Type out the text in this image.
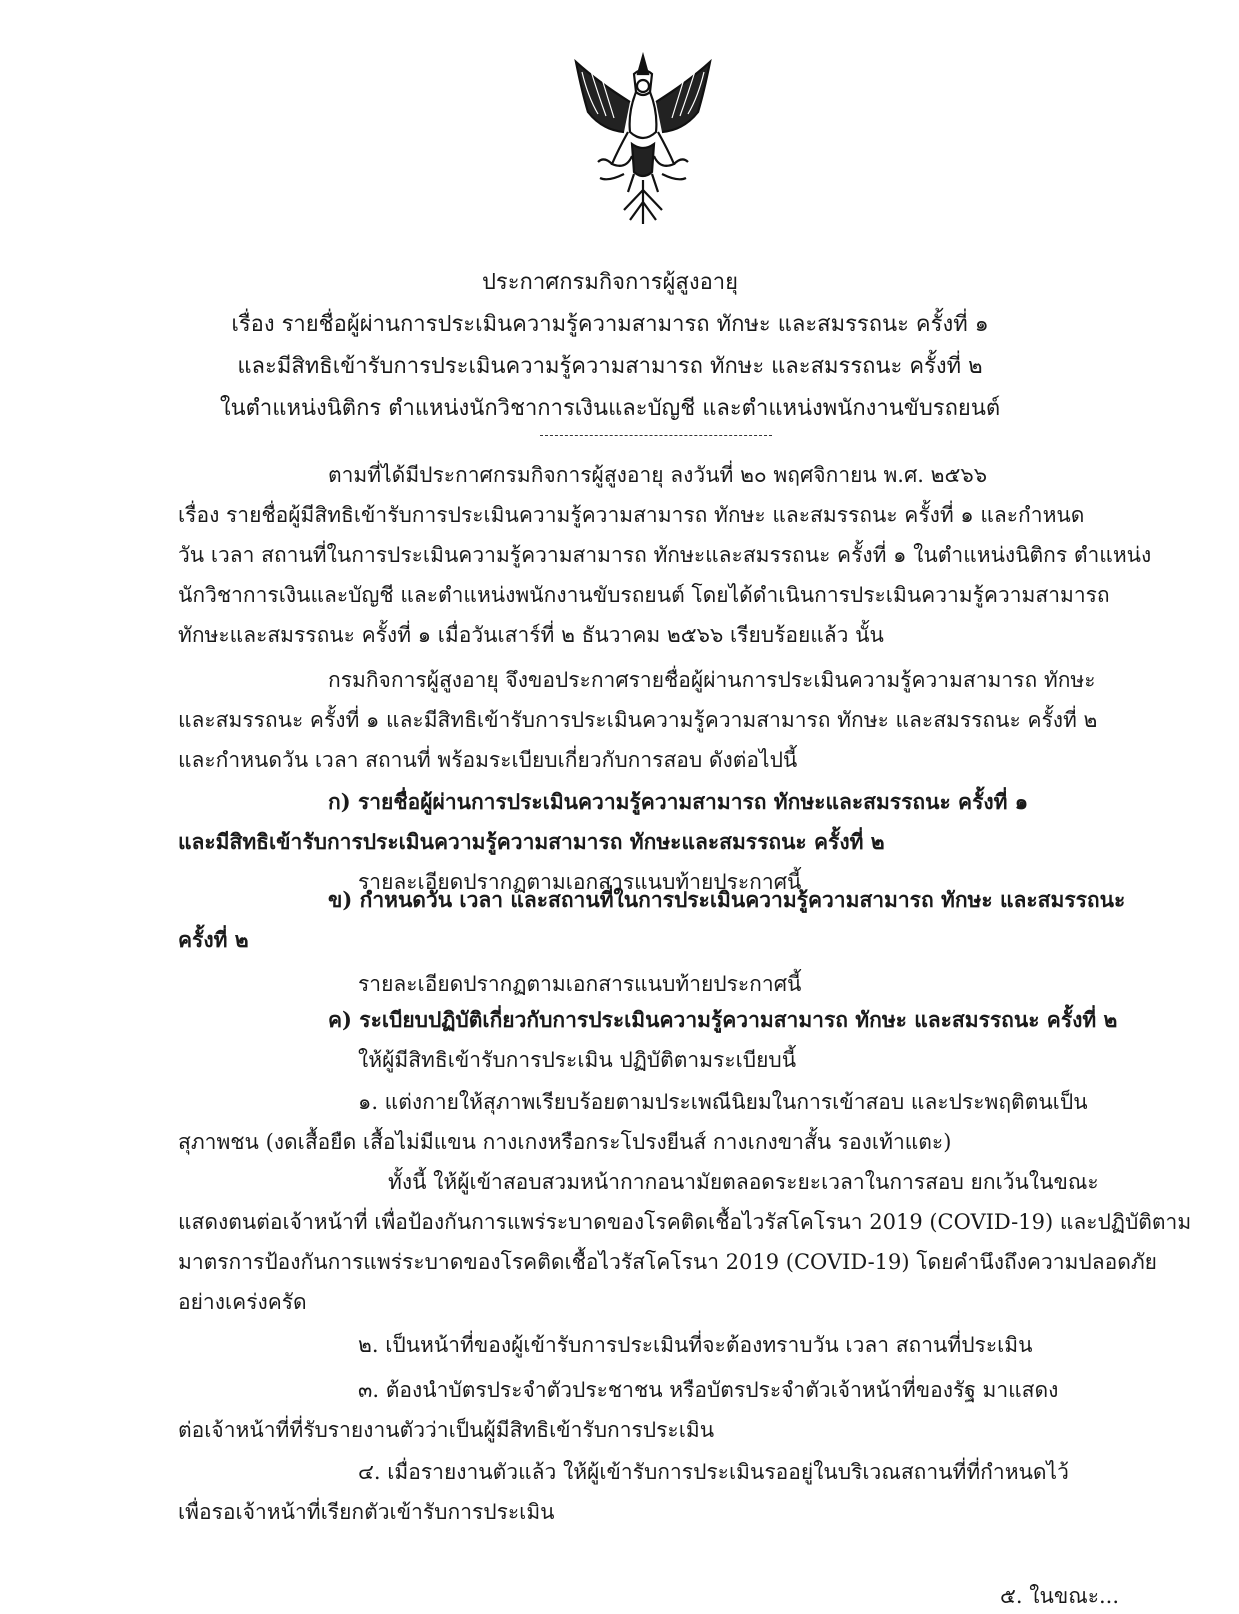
ประกาศกรมกิจการผู้สูงอายุ
เรื่อง รายชื่อผู้ผ่านการประเมินความรู้ความสามารถ ทักษะ และสมรรถนะ ครั้งที่ ๑
และมีสิทธิเข้ารับการประเมินความรู้ความสามารถ ทักษะ และสมรรถนะ ครั้งที่ ๒
ในตำแหน่งนิติกร ตำแหน่งนักวิชาการเงินและบัญชี และตำแหน่งพนักงานขับรถยนต์
ตามที่ได้มีประกาศกรมกิจการผู้สูงอายุ ลงวันที่ ๒๐ พฤศจิกายน พ.ศ. ๒๕๖๖
เรื่อง รายชื่อผู้มีสิทธิเข้ารับการประเมินความรู้ความสามารถ ทักษะ และสมรรถนะ ครั้งที่ ๑ และกำหนด
วัน เวลา สถานที่ในการประเมินความรู้ความสามารถ ทักษะและสมรรถนะ ครั้งที่ ๑ ในตำแหน่งนิติกร ตำแหน่ง
นักวิชาการเงินและบัญชี และตำแหน่งพนักงานขับรถยนต์ โดยได้ดำเนินการประเมินความรู้ความสามารถ
ทักษะและสมรรถนะ ครั้งที่ ๑ เมื่อวันเสาร์ที่ ๒ ธันวาคม ๒๕๖๖ เรียบร้อยแล้ว นั้น
กรมกิจการผู้สูงอายุ จึงขอประกาศรายชื่อผู้ผ่านการประเมินความรู้ความสามารถ ทักษะ
และสมรรถนะ ครั้งที่ ๑ และมีสิทธิเข้ารับการประเมินความรู้ความสามารถ ทักษะ และสมรรถนะ ครั้งที่ ๒
และกำหนดวัน เวลา สถานที่ พร้อมระเบียบเกี่ยวกับการสอบ ดังต่อไปนี้
ก) รายชื่อผู้ผ่านการประเมินความรู้ความสามารถ ทักษะและสมรรถนะ ครั้งที่ ๑
และมีสิทธิเข้ารับการประเมินความรู้ความสามารถ ทักษะและสมรรถนะ ครั้งที่ ๒
รายละเอียดปรากฏตามเอกสารแนบท้ายประกาศนี้
ข) กำหนดวัน เวลา และสถานที่ในการประเมินความรู้ความสามารถ ทักษะ และสมรรถนะ
ครั้งที่ ๒
รายละเอียดปรากฏตามเอกสารแนบท้ายประกาศนี้
ค) ระเบียบปฏิบัติเกี่ยวกับการประเมินความรู้ความสามารถ ทักษะ และสมรรถนะ ครั้งที่ ๒
ให้ผู้มีสิทธิเข้ารับการประเมิน ปฏิบัติตามระเบียบนี้
๑. แต่งกายให้สุภาพเรียบร้อยตามประเพณีนิยมในการเข้าสอบ และประพฤติตนเป็น
สุภาพชน (งดเสื้อยืด เสื้อไม่มีแขน กางเกงหรือกระโปรงยีนส์ กางเกงขาสั้น รองเท้าแตะ)
ทั้งนี้ ให้ผู้เข้าสอบสวมหน้ากากอนามัยตลอดระยะเวลาในการสอบ ยกเว้นในขณะ
แสดงตนต่อเจ้าหน้าที่ เพื่อป้องกันการแพร่ระบาดของโรคติดเชื้อไวรัสโคโรนา 2019 (COVID-19) และปฏิบัติตาม
มาตรการป้องกันการแพร่ระบาดของโรคติดเชื้อไวรัสโคโรนา 2019 (COVID-19) โดยคำนึงถึงความปลอดภัย
อย่างเคร่งครัด
๒. เป็นหน้าที่ของผู้เข้ารับการประเมินที่จะต้องทราบวัน เวลา สถานที่ประเมิน
๓. ต้องนำบัตรประจำตัวประชาชน หรือบัตรประจำตัวเจ้าหน้าที่ของรัฐ มาแสดง
ต่อเจ้าหน้าที่ที่รับรายงานตัวว่าเป็นผู้มีสิทธิเข้ารับการประเมิน
๔. เมื่อรายงานตัวแล้ว ให้ผู้เข้ารับการประเมินรออยู่ในบริเวณสถานที่ที่กำหนดไว้
เพื่อรอเจ้าหน้าที่เรียกตัวเข้ารับการประเมิน
๕. ในขณะ...
